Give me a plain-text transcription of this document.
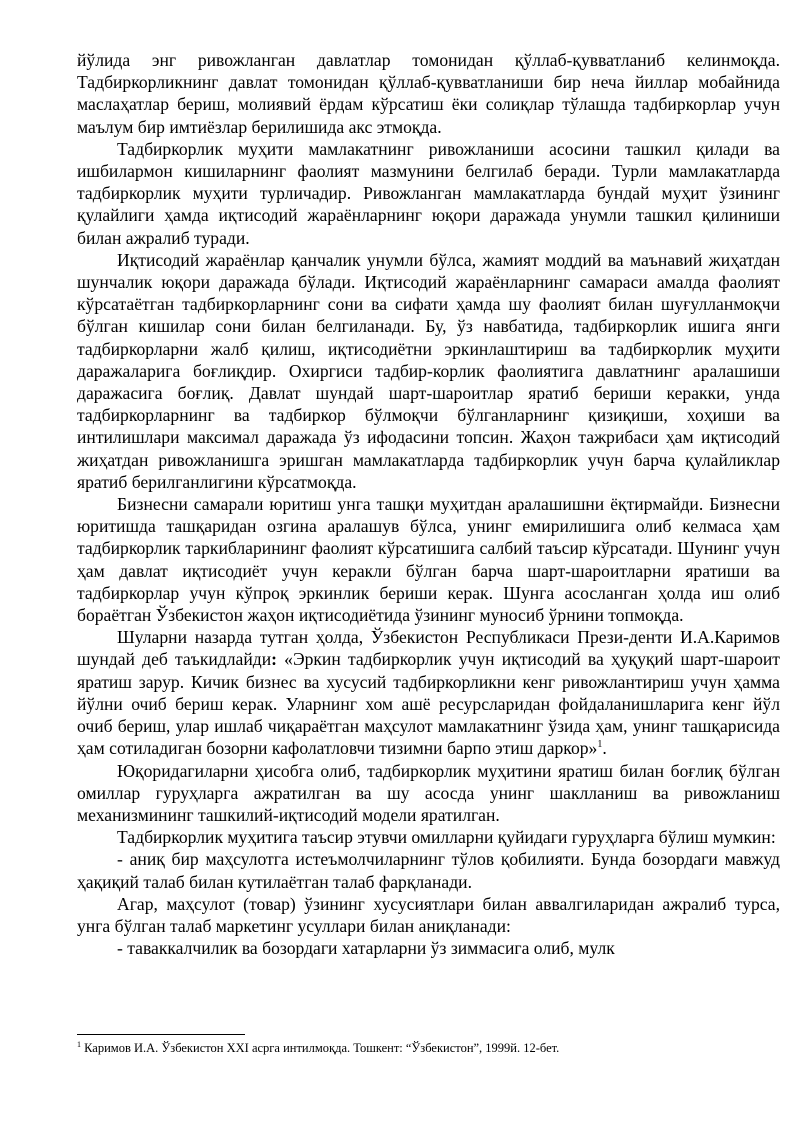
йўлида энг ривожланган давлатлар томонидан қўллаб-қувватланиб келинмоқда. Тадбиркорликнинг давлат томонидан қўллаб-қувватланиши бир неча йиллар мобайнида маслаҳатлар бериш, молиявий ёрдам кўрсатиш ёки солиқлар тўлашда тадбиркорлар учун маълум бир имтиёзлар берилишида акс этмоқда.

Тадбиркорлик муҳити мамлакатнинг ривожланиши асосини ташкил қилади ва ишбилармон кишиларнинг фаолият мазмунини белгилаб беради. Турли мамлакатларда тадбиркорлик муҳити турличадир. Ривожланган мамлакатларда бундай муҳит ўзининг қулайлиги ҳамда иқтисодий жараёнларнинг юқори даражада унумли ташкил қилиниши билан ажралиб туради.

Иқтисодий жараёнлар қанчалик унумли бўлса, жамият моддий ва маънавий жиҳатдан шунчалик юқори даражада бўлади. Иқтисодий жараёнларнинг самараси амалда фаолият кўрсатаётган тадбиркорларнинг сони ва сифати ҳамда шу фаолият билан шуғулланмоқчи бўлган кишилар сони билан белгиланади. Бу, ўз навбатида, тадбиркорлик ишига янги тадбиркорларни жалб қилиш, иқтисодиётни эркинлаштириш ва тадбиркорлик муҳити даражаларига боғлиқдир. Охиргиси тадбир-корлик фаолиятига давлатнинг аралашиши даражасига боғлиқ. Давлат шундай шарт-шароитлар яратиб бериши керакки, унда тадбиркорларнинг ва тадбиркор бўлмоқчи бўлганларнинг қизиқиши, хоҳиши ва интилишлари максимал даражада ўз ифодасини топсин. Жаҳон тажрибаси ҳам иқтисодий жиҳатдан ривожланишга эришган мамлакатларда тадбиркорлик учун барча қулайликлар яратиб берилганлигини кўрсатмоқда.

Бизнесни самарали юритиш унга ташқи муҳитдан аралашишни ёқтирмайди. Бизнесни юритишда ташқаридан озгина аралашув бўлса, унинг емирилишига олиб келмаса ҳам тадбиркорлик таркибларининг фаолият кўрсатишига салбий таъсир кўрсатади. Шунинг учун ҳам давлат иқтисодиёт учун керакли бўлган барча шарт-шароитларни яратиши ва тадбиркорлар учун кўпроқ эркинлик бериши керак. Шунга асосланган ҳолда иш олиб бораётган Ўзбекистон жаҳон иқтисодиётида ўзининг муносиб ўрнини топмоқда.

Шуларни назарда тутган ҳолда, Ўзбекистон Республикаси Прези-денти И.А.Каримов шундай деб таъкидлайди: «Эркин тадбиркорлик учун иқтисодий ва ҳуқуқий шарт-шароит яратиш зарур. Кичик бизнес ва хусусий тадбиркорликни кенг ривожлантириш учун ҳамма йўлни очиб бериш керак. Уларнинг хом ашё ресурсларидан фойдаланишларига кенг йўл очиб бериш, улар ишлаб чиқараётган маҳсулот мамлакатнинг ўзида ҳам, унинг ташқарисида ҳам сотиладиган бозорни кафолатловчи тизимни барпо этиш даркор»$^1$.

Юқоридагиларни ҳисобга олиб, тадбиркорлик муҳитини яратиш билан боғлиқ бўлган омиллар гуруҳларга ажратилган ва шу асосда унинг шаклланиш ва ривожланиш механизмининг ташкилий-иқтисодий модели яратилган.

Тадбиркорлик муҳитига таъсир этувчи омилларни қуйидаги гуруҳларга бўлиш мумкин:

- аниқ бир маҳсулотга истеъмолчиларнинг тўлов қобилияти. Бунда бозордаги мавжуд ҳақиқий талаб билан кутилаётган талаб фарқланади.

Агар, маҳсулот (товар) ўзининг хусусиятлари билан аввалгиларидан ажралиб турса, унга бўлган талаб маркетинг усуллари билан аниқланади:

- таваккалчилик ва бозордаги хатарларни ўз зиммасига олиб, мулк

$^1$ Каримов И.А. Ўзбекистон XXI асрга интилмоқда. Тошкент: “Ўзбекистон”, 1999й. 12-бет.
